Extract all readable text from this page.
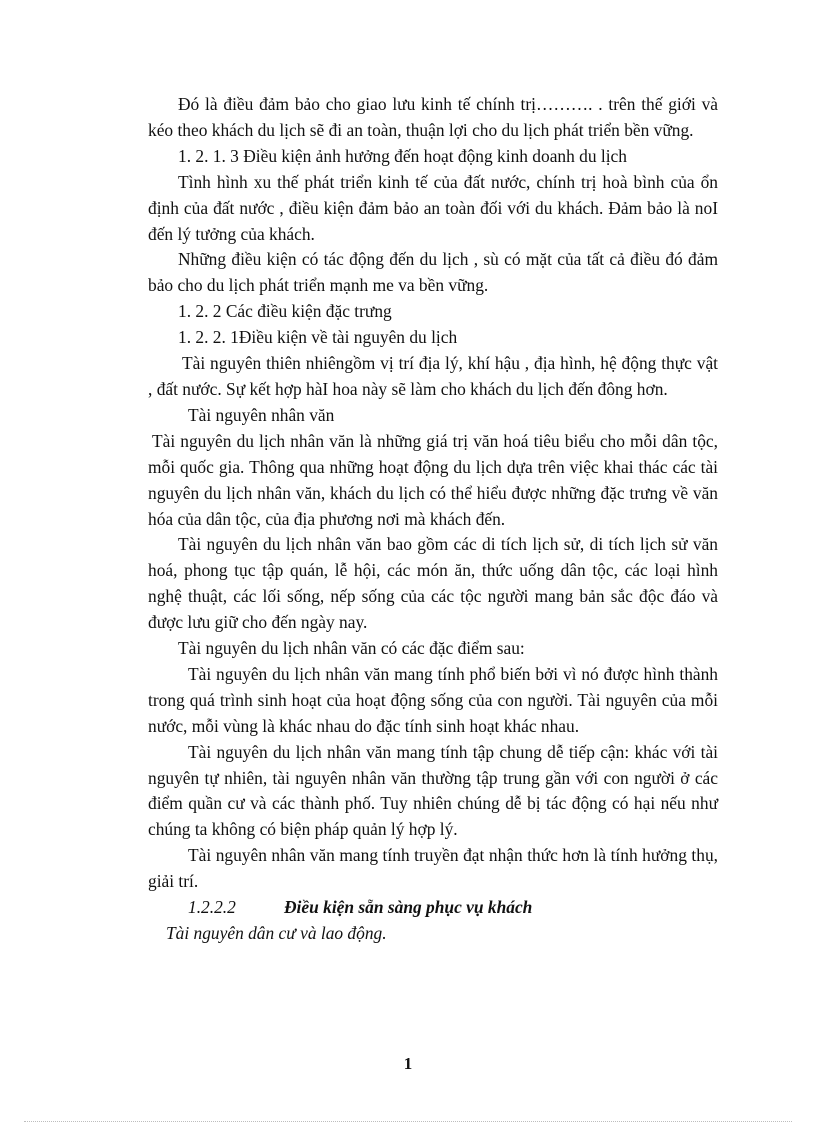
Đó là điều đảm bảo cho giao lưu kinh tế chính trị………. . trên thế giới và kéo theo khách du lịch sẽ đi an toàn, thuận lợi cho du lịch phát triển bền vững.

1. 2. 1. 3 Điều kiện ảnh hưởng đến hoạt động kinh doanh du lịch

Tình hình xu thế phát triển kinh tế của đất nước, chính trị hoà bình của ổn định của đất nước , điều kiện đảm bảo an toàn đối với du khách. Đảm bảo là noI đến lý tưởng của khách.

Những điều kiện có tác động đến du lịch , sù có mặt của tất cả điều đó đảm bảo cho du lịch phát triển mạnh me va bền vững.

1. 2. 2 Các điều kiện đặc trưng

1. 2. 2. 1Điều kiện về tài nguyên du lịch

Tài nguyên thiên nhiêngồm vị trí địa lý, khí hậu , địa hình, hệ động thực vật , đất nước. Sự kết hợp hàI hoa này sẽ làm cho khách du lịch đến đông hơn.

Tài nguyên nhân văn

Tài nguyên du lịch nhân văn là những giá trị văn hoá tiêu biểu cho mỗi dân tộc, mỗi quốc gia. Thông qua những hoạt động du lịch dựa trên việc khai thác các tài nguyên du lịch nhân văn, khách du lịch có thể hiểu được những đặc trưng về văn hóa của dân tộc, của địa phương nơi mà khách đến.

Tài nguyên du lịch nhân văn bao gồm các di tích lịch sử, di tích lịch sử văn hoá, phong tục tập quán, lễ hội, các món ăn, thức uống dân tộc, các loại hình nghệ thuật, các lối sống, nếp sống của các tộc người mang bản sắc độc đáo và được lưu giữ cho đến ngày nay.

Tài nguyên du lịch nhân văn có các đặc điểm sau:

Tài nguyên du lịch nhân văn mang tính phổ biến bởi vì nó được hình thành trong quá trình sinh hoạt của hoạt động sống của con người. Tài nguyên của mỗi nước, mỗi vùng là khác nhau do đặc tính sinh hoạt khác nhau.

Tài nguyên du lịch nhân văn mang tính tập chung dễ tiếp cận: khác với tài nguyên tự nhiên, tài nguyên nhân văn thường tập trung gần với con người ở các điểm quần cư và các thành phố. Tuy nhiên chúng dễ bị tác động có hại nếu như chúng ta không có biện pháp quản lý hợp lý.

Tài nguyên nhân văn mang tính truyền đạt nhận thức hơn là tính hưởng thụ, giải trí.

1.2.2.2	Điều kiện sẵn sàng phục vụ khách

Tài nguyên dân cư và lao động.

1
